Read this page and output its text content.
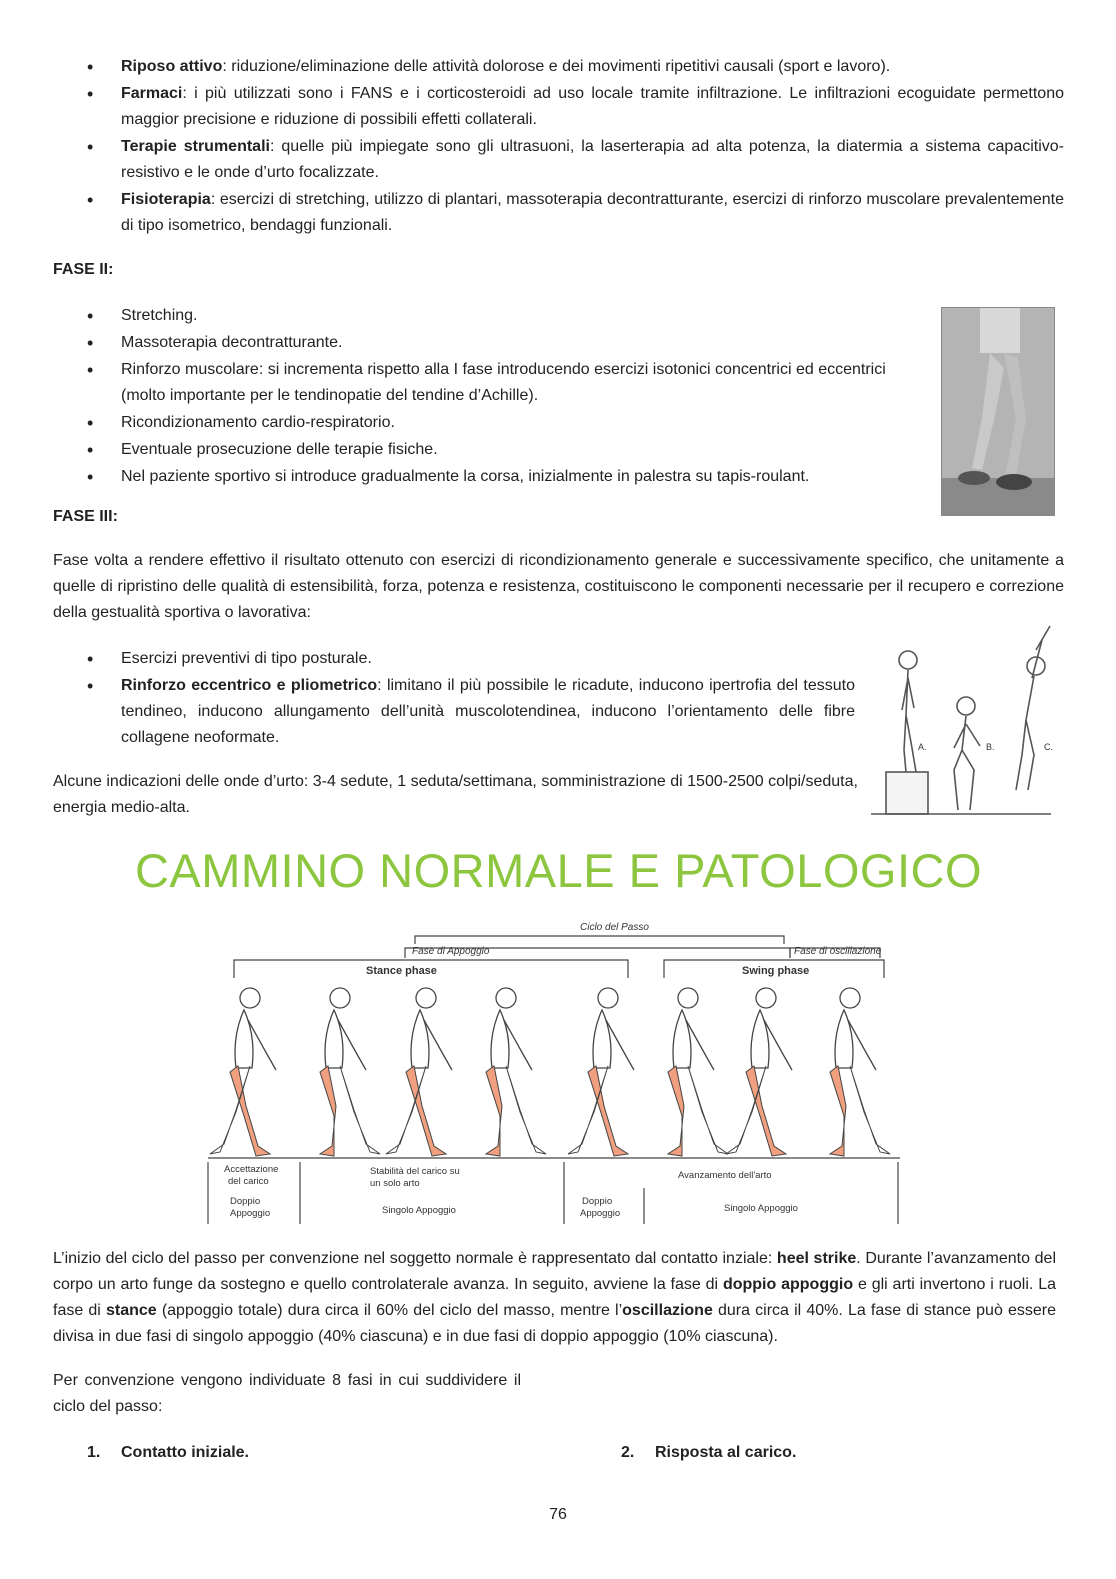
• Riposo attivo: riduzione/eliminazione delle attività dolorose e dei movimenti ripetitivi causali (sport e lavoro).
• Farmaci: i più utilizzati sono i FANS e i corticosteroidi ad uso locale tramite infiltrazione. Le infiltrazioni ecoguidate permettono maggior precisione e riduzione di possibili effetti collaterali.
• Terapie strumentali: quelle più impiegate sono gli ultrasuoni, la laserterapia ad alta potenza, la diatermia a sistema capacitivo-resistivo e le onde d’urto focalizzate.
• Fisioterapia: esercizi di stretching, utilizzo di plantari, massoterapia decontratturante, esercizi di rinforzo muscolare prevalentemente di tipo isometrico, bendaggi funzionali.
FASE II:
• Stretching.
• Massoterapia decontratturante.
• Rinforzo muscolare: si incrementa rispetto alla I fase introducendo esercizi isotonici concentrici ed eccentrici (molto importante per le tendinopatie del tendine d’Achille).
• Ricondizionamento cardio-respiratorio.
• Eventuale prosecuzione delle terapie fisiche.
• Nel paziente sportivo si introduce gradualmente la corsa, inizialmente in palestra su tapis-roulant.
FASE III:

Fase volta a rendere effettivo il risultato ottenuto con esercizi di ricondizionamento generale e successivamente specifico, che unitamente a quelle di ripristino delle qualità di estensibilità, forza, potenza e resistenza, costituiscono le componenti necessarie per il recupero e correzione della gestualità sportiva o lavorativa:

• Esercizi preventivi di tipo posturale.
• Rinforzo eccentrico e pliometrico: limitano il più possibile le ricadute, inducono ipertrofia del tessuto tendineo, inducono allungamento dell’unità muscolotendinea, inducono l’orientamento delle fibre collagene neoformate.

Alcune indicazioni delle onde d’urto: 3-4 sedute, 1 seduta/settimana, somministrazione di 1500-2500 colpi/seduta, energia medio-alta.

CAMMINO NORMALE E PATOLOGICO
A.	B.	C.
Ciclo del Passo
Fase di Appoggio	Fase di oscillazione
Stance phase	Swing phase
Accettazione
del carico
Stabilità del carico su
un solo arto
Avanzamento dell'arto
Doppio
Appoggio	Singolo Appoggio
Doppio
Appoggio	Singolo Appoggio

L’inizio del ciclo del passo per convenzione nel soggetto normale è rappresentato dal contatto inziale: heel strike. Durante l’avanzamento del corpo un arto funge da sostegno e quello controlaterale avanza. In seguito, avviene la fase di doppio appoggio e gli arti invertono i ruoli. La fase di stance (appoggio totale) dura circa il 60% del ciclo del masso, mentre l’oscillazione dura circa il 40%. La fase di stance può essere divisa in due fasi di singolo appoggio (40% ciascuna) e in due fasi di doppio appoggio (10% ciascuna).

Per convenzione vengono individuate 8 fasi in cui suddividere il ciclo del passo:

1. Contatto iniziale.	2. Risposta al carico.
76
